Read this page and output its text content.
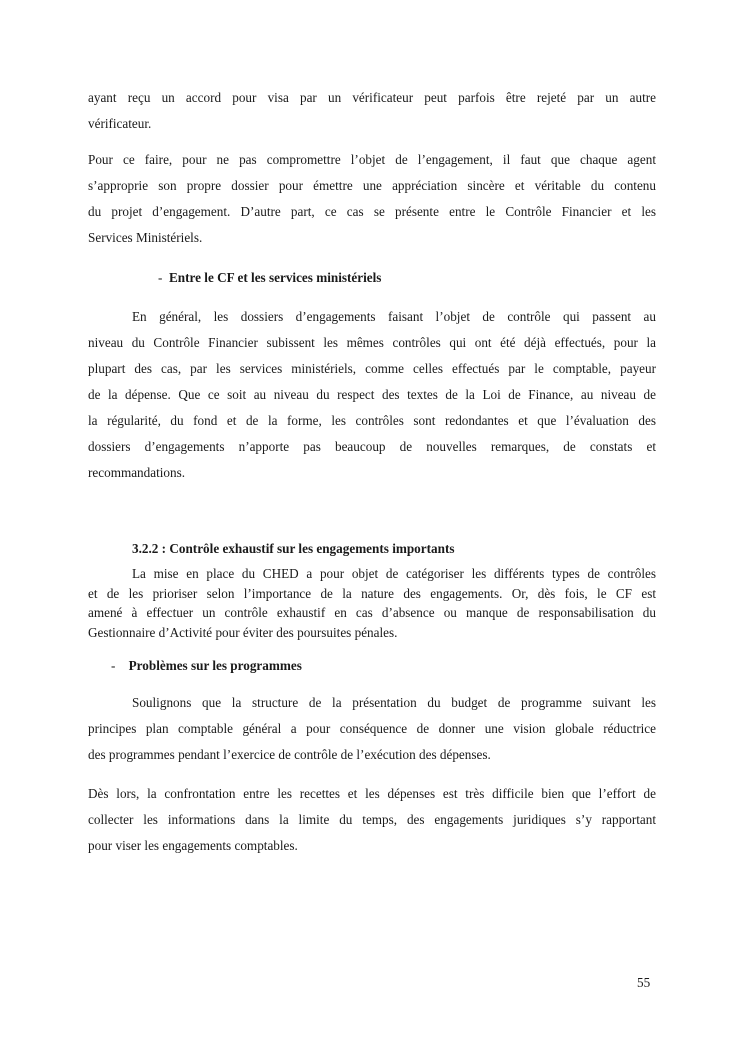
ayant reçu un accord pour visa par un vérificateur peut parfois être rejeté par un autre
vérificateur.
Pour ce faire, pour ne pas compromettre l’objet de l’engagement, il faut que chaque agent
s’approprie son propre dossier pour émettre une appréciation sincère et véritable du contenu
du projet d’engagement. D’autre part, ce cas se présente entre le Contrôle Financier et les
Services Ministériels.
- Entre le CF et les services ministériels
En général, les dossiers d’engagements faisant l’objet de contrôle qui passent au
niveau du Contrôle Financier subissent les mêmes contrôles qui ont été déjà effectués, pour la
plupart des cas, par les services ministériels, comme celles effectués par le comptable, payeur
de la dépense. Que ce soit au niveau du respect des textes de la Loi de Finance, au niveau de
la régularité, du fond et de la forme, les contrôles sont redondantes et que l’évaluation des
dossiers d’engagements n’apporte pas beaucoup de nouvelles remarques, de constats et
recommandations.
3.2.2 : Contrôle exhaustif sur les engagements importants
La mise en place du CHED a pour objet de catégoriser les différents types de contrôles
et de les prioriser selon l’importance de la nature des engagements. Or, dès fois, le CF est
amené à effectuer un contrôle exhaustif en cas d’absence ou manque de responsabilisation du
Gestionnaire d’Activité pour éviter des poursuites pénales.
- Problèmes sur les programmes
Soulignons que la structure de la présentation du budget de programme suivant les
principes plan comptable général a pour conséquence de donner une vision globale réductrice
des programmes pendant l’exercice de contrôle de l’exécution des dépenses.
Dès lors, la confrontation entre les recettes et les dépenses est très difficile bien que l’effort de
collecter les informations dans la limite du temps, des engagements juridiques s’y rapportant
pour viser les engagements comptables.
55
